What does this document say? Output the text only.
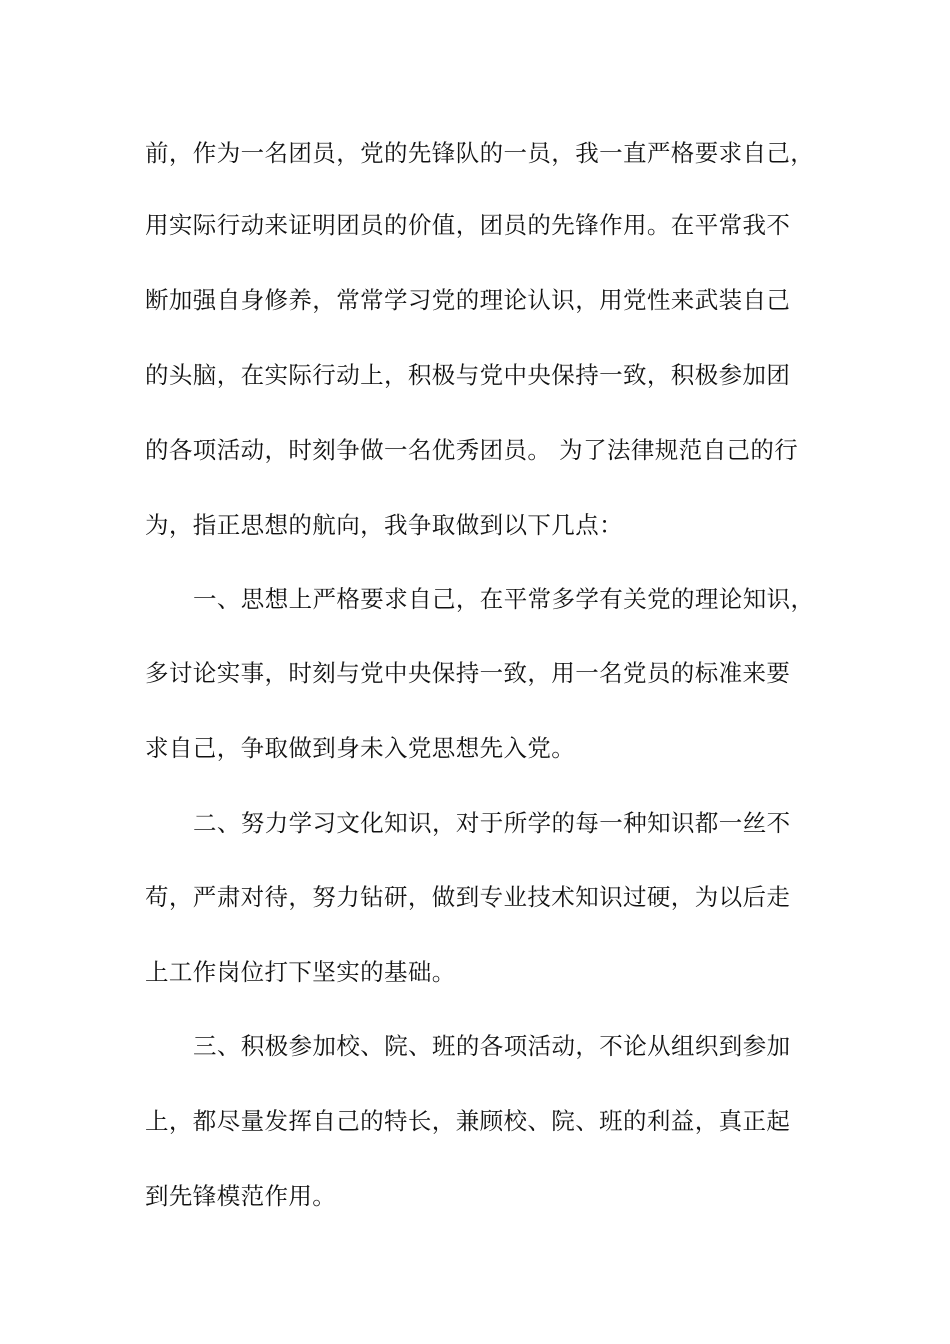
前，作为一名团员，党的先锋队的一员，我一直严格要求自己，
用实际行动来证明团员的价值，团员的先锋作用。在平常我不
断加强自身修养，常常学习党的理论认识，用党性来武装自己
的头脑，在实际行动上，积极与党中央保持一致，积极参加团
的各项活动，时刻争做一名优秀团员。 为了法律规范自己的行
为，指正思想的航向，我争取做到以下几点：
一、思想上严格要求自己，在平常多学有关党的理论知识，
多讨论实事，时刻与党中央保持一致，用一名党员的标准来要
求自己，争取做到身未入党思想先入党。
二、努力学习文化知识，对于所学的每一种知识都一丝不
苟，严肃对待，努力钻研，做到专业技术知识过硬，为以后走
上工作岗位打下坚实的基础。
三、积极参加校、院、班的各项活动，不论从组织到参加
上，都尽量发挥自己的特长，兼顾校、院、班的利益，真正起
到先锋模范作用。
